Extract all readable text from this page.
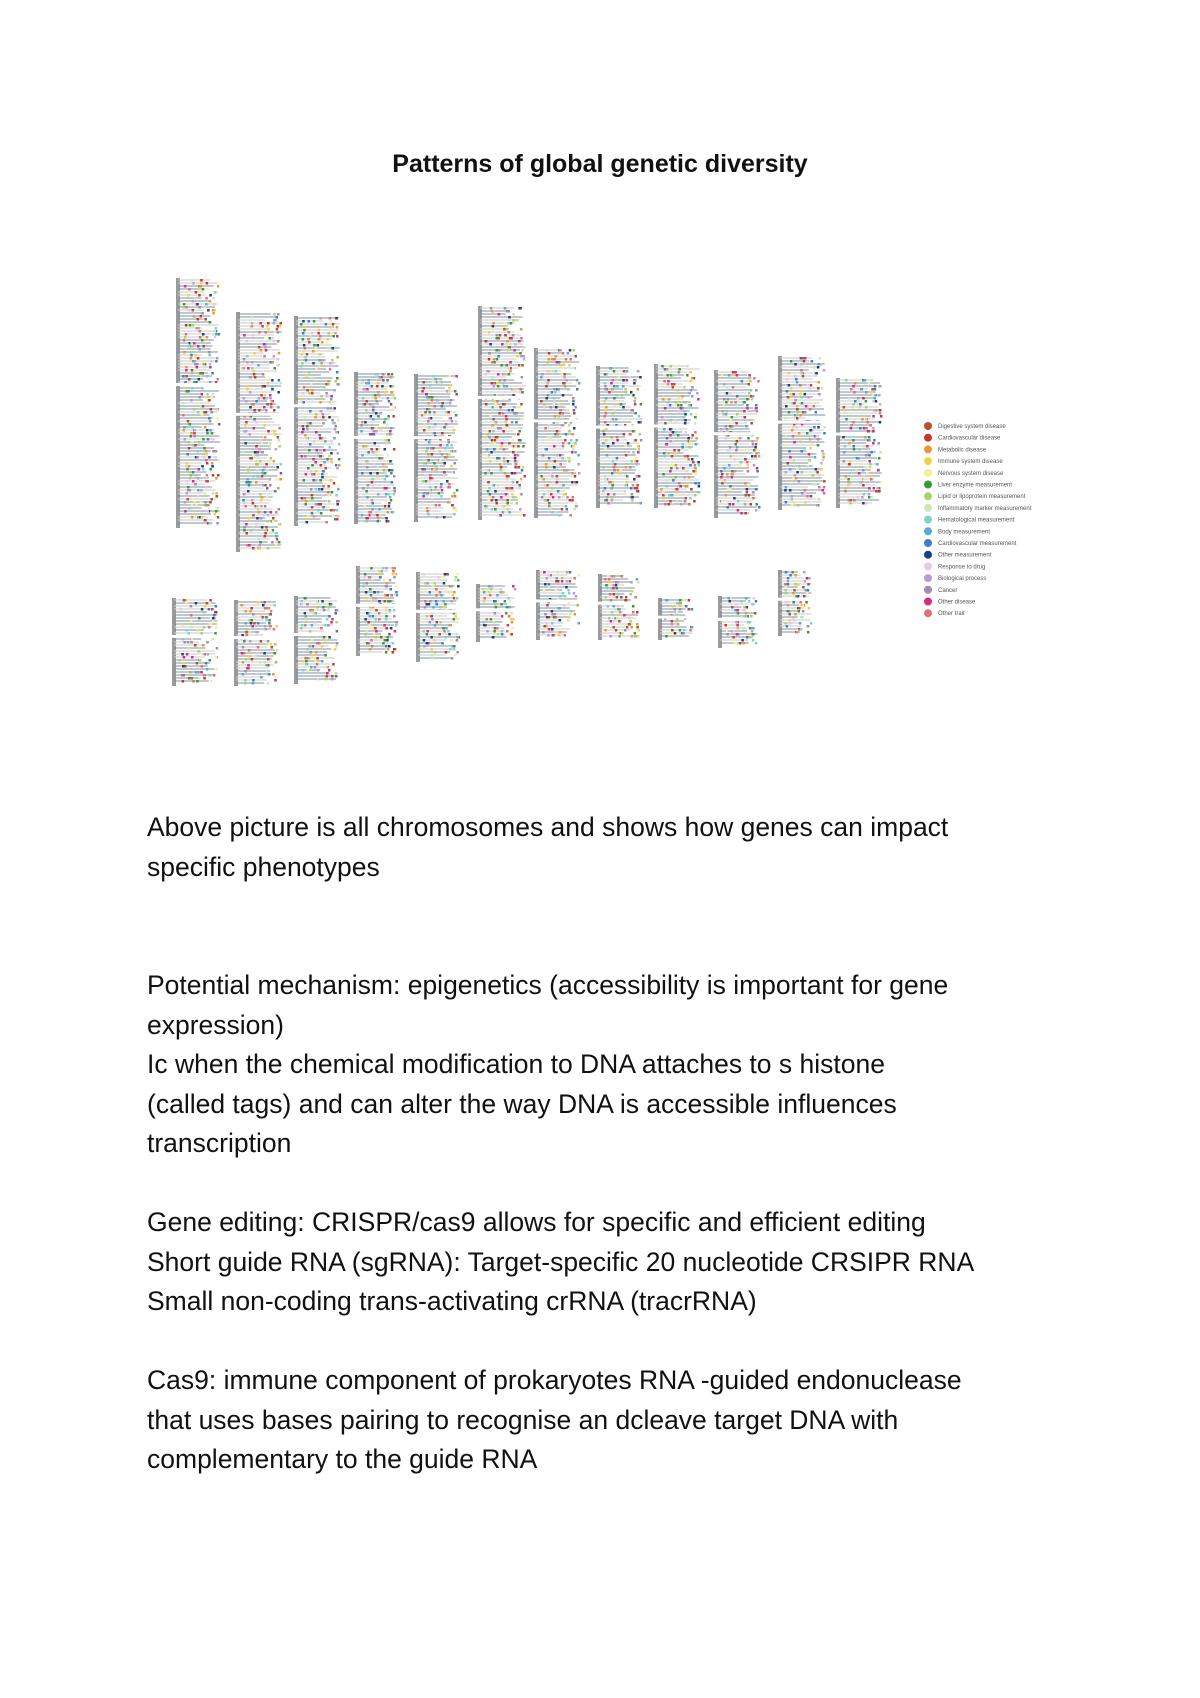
Patterns of global genetic diversity
Digestive system disease
Cardiovascular disease
Metabolic disease
Immune system disease
Nervous system disease
Liver enzyme measurement
Lipid or lipoprotein measurement
Inflammatory marker measurement
Hematological measurement
Body measurement
Cardiovascular measurement
Other measurement
Response to drug
Biological process
Cancer
Other disease
Other trait

Above picture is all chromosomes and shows how genes can impact

specific phenotypes

Potential mechanism: epigenetics (accessibility is important for gene

expression)

Ic when the chemical modification to DNA attaches to s histone

(called tags) and can alter the way DNA is accessible influences

transcription

Gene editing: CRISPR/cas9 allows for specific and efficient editing

Short guide RNA (sgRNA): Target-specific 20 nucleotide CRSIPR RNA

Small non-coding trans-activating crRNA (tracrRNA)

Cas9: immune component of prokaryotes RNA -guided endonuclease

that uses bases pairing to recognise an dcleave target DNA with

complementary to the guide RNA
